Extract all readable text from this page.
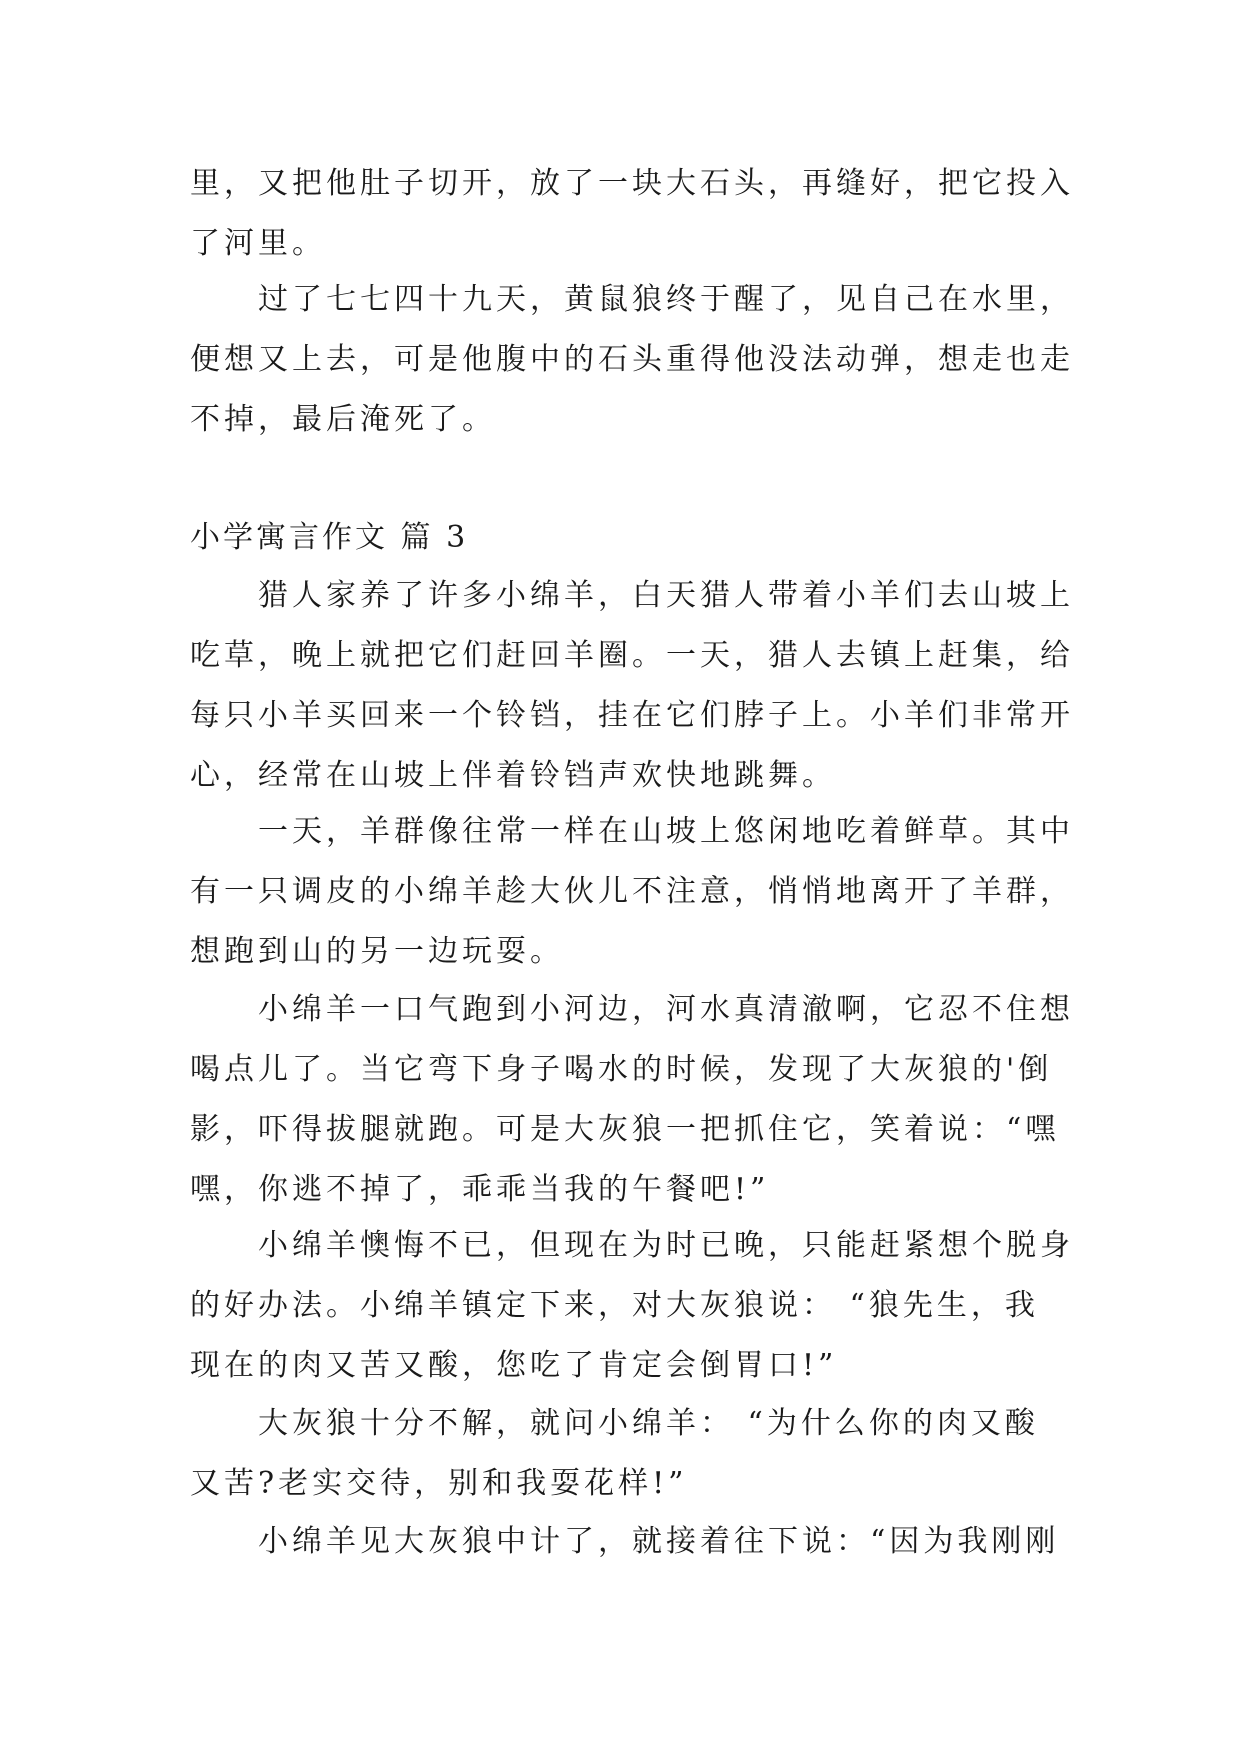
里，又把他肚子切开，放了一块大石头，再缝好，把它投入
了河里。
过了七七四十九天，黄鼠狼终于醒了，见自己在水里，
便想又上去，可是他腹中的石头重得他没法动弹，想走也走
不掉，最后淹死了。
小学寓言作文 篇 3
猎人家养了许多小绵羊，白天猎人带着小羊们去山坡上
吃草，晚上就把它们赶回羊圈。一天，猎人去镇上赶集，给
每只小羊买回来一个铃铛，挂在它们脖子上。小羊们非常开
心，经常在山坡上伴着铃铛声欢快地跳舞。
一天，羊群像往常一样在山坡上悠闲地吃着鲜草。其中
有一只调皮的小绵羊趁大伙儿不注意，悄悄地离开了羊群，
想跑到山的另一边玩耍。
小绵羊一口气跑到小河边，河水真清澈啊，它忍不住想
喝点儿了。当它弯下身子喝水的时候，发现了大灰狼的'倒
影，吓得拔腿就跑。可是大灰狼一把抓住它，笑着说：“嘿
嘿，你逃不掉了，乖乖当我的午餐吧!”
小绵羊懊悔不已，但现在为时已晚，只能赶紧想个脱身
的好办法。小绵羊镇定下来，对大灰狼说： “狼先生，我
现在的肉又苦又酸，您吃了肯定会倒胃口!”
大灰狼十分不解，就问小绵羊： “为什么你的肉又酸
又苦?老实交待，别和我耍花样!”
小绵羊见大灰狼中计了，就接着往下说：“因为我刚刚
